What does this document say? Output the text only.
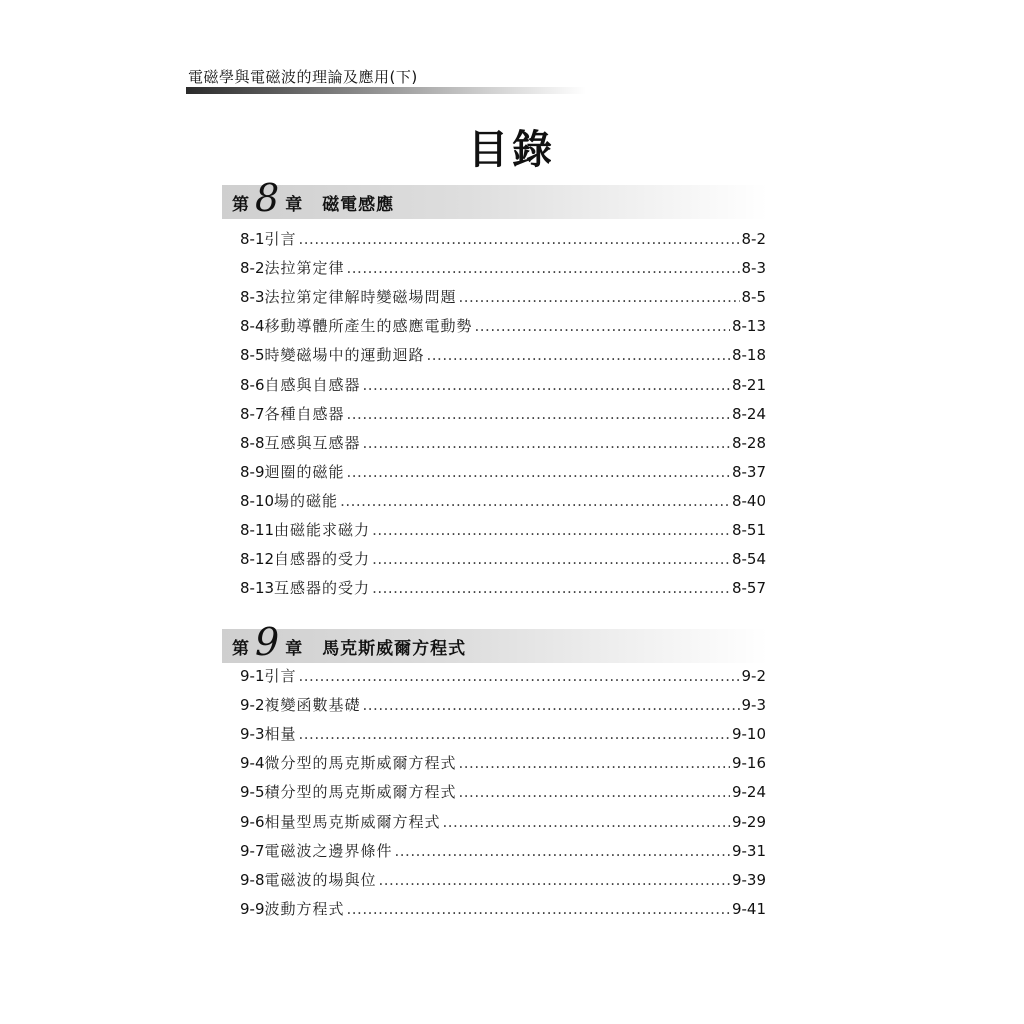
電磁學與電磁波的理論及應用(下)
目錄
第 8 章 磁電感應
8-1 引言 .....	8-2
8-2 法拉第定律 .....	8-3
8-3 法拉第定律解時變磁場問題 .....	8-5
8-4 移動導體所產生的感應電動勢 .....	8-13
8-5 時變磁場中的運動迴路 .....	8-18
8-6 自感與自感器 .....	8-21
8-7 各種自感器 .....	8-24
8-8 互感與互感器 .....	8-28
8-9 迴圈的磁能 .....	8-37
8-10 場的磁能 .....	8-40
8-11 由磁能求磁力 .....	8-51
8-12 自感器的受力 .....	8-54
8-13 互感器的受力 .....	8-57
第 9 章 馬克斯威爾方程式
9-1 引言 .....	9-2
9-2 複變函數基礎 .....	9-3
9-3 相量 .....	9-10
9-4 微分型的馬克斯威爾方程式 .....	9-16
9-5 積分型的馬克斯威爾方程式 .....	9-24
9-6 相量型馬克斯威爾方程式 .....	9-29
9-7 電磁波之邊界條件 .....	9-31
9-8 電磁波的場與位 .....	9-39
9-9 波動方程式 .....	9-41
